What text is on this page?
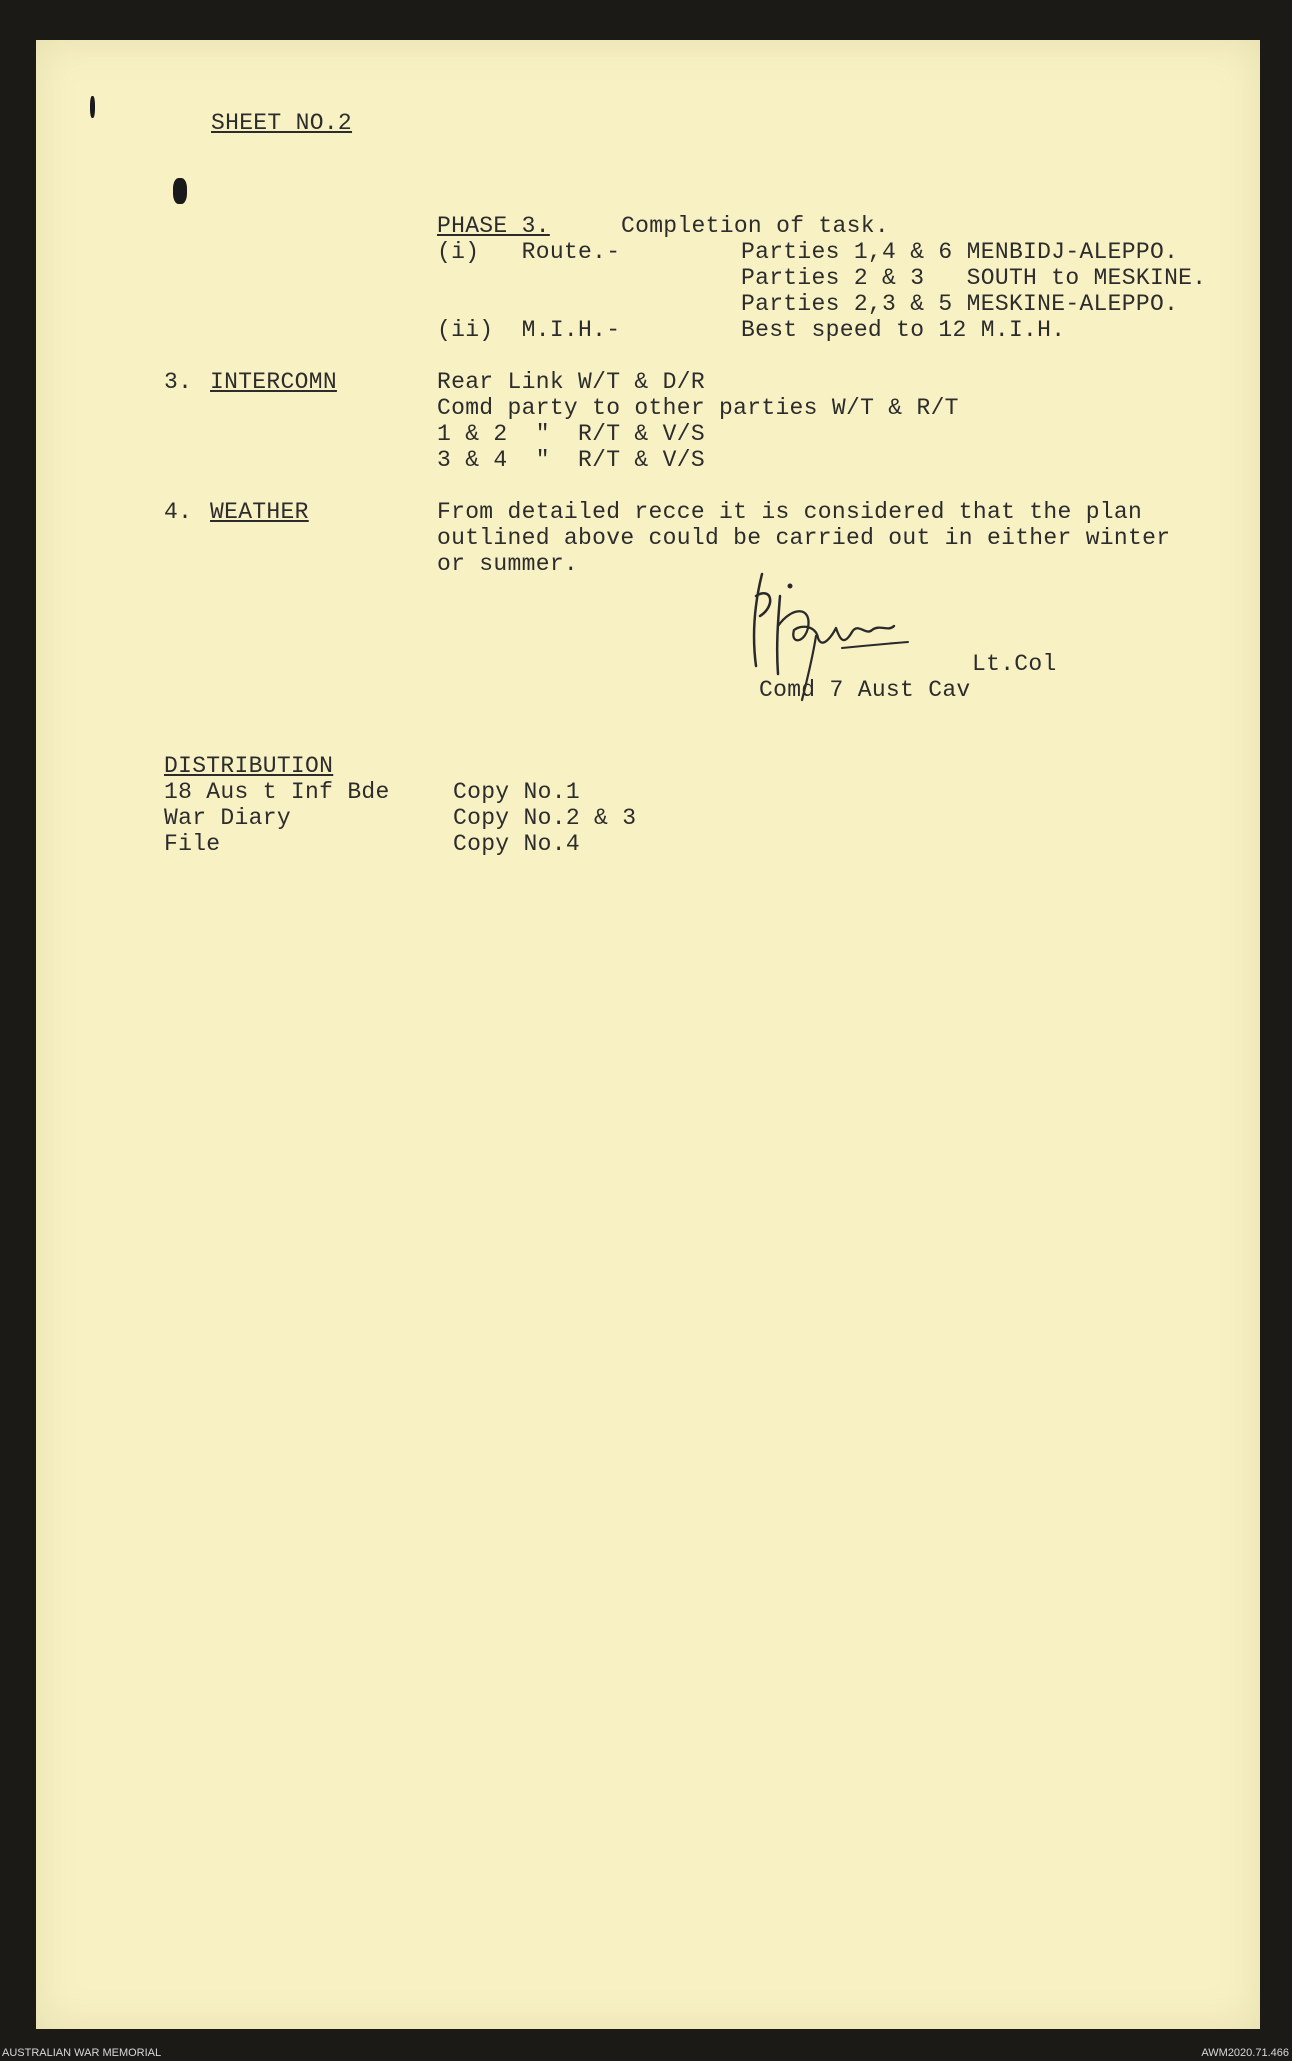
SHEET NO.2
PHASE 3.	Completion of task.
(i)   Route.-	Parties 1,4 & 6 MENBIDJ-ALEPPO.
Parties 2 & 3   SOUTH to MESKINE.
Parties 2,3 & 5 MESKINE-ALEPPO.
(ii)  M.I.H.-	Best speed to 12 M.I.H.
3. INTERCOMN	Rear Link W/T & D/R
Comd party to other parties W/T & R/T
1 & 2  "  R/T & V/S
3 & 4  "  R/T & V/S
4. WEATHER	From detailed recce it is considered that the plan
outlined above could be carried out in either winter
or summer.
Lt.Col
Comd 7 Aust Cav
DISTRIBUTION
18 Aus t Inf Bde	Copy No.1
War Diary	Copy No.2 & 3
File	Copy No.4
AUSTRALIAN WAR MEMORIAL	AWM2020.71.466
